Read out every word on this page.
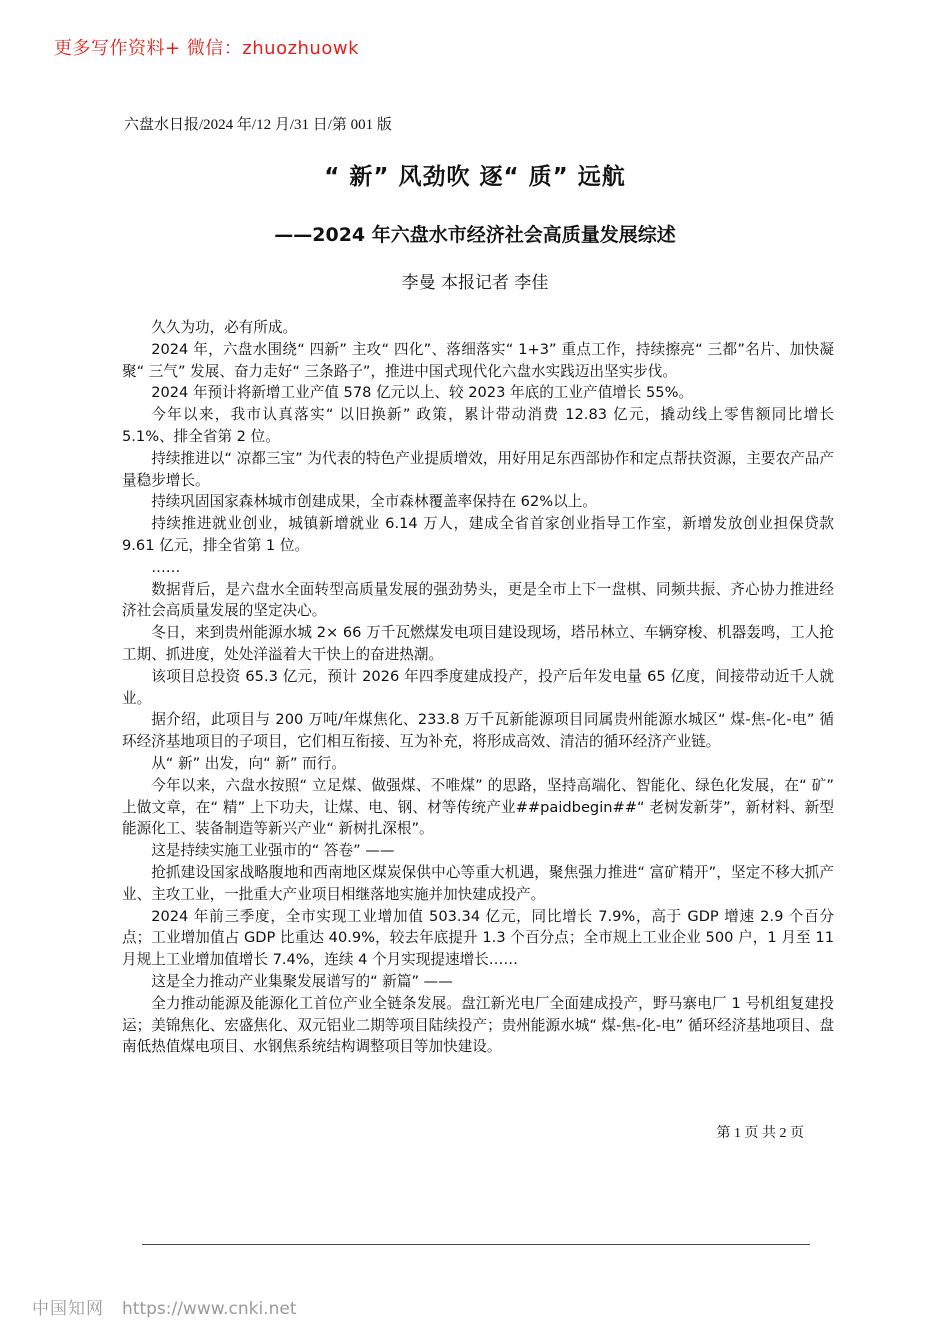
更多写作资料+ 微信：zhuozhuowk
六盘水日报/2024 年/12 月/31 日/第 001 版
“ 新” 风劲吹 逐“ 质” 远航
——2024 年六盘水市经济社会高质量发展综述
李曼 本报记者 李佳

久久为功，必有所成。

2024 年，六盘水围绕“ 四新” 主攻“ 四化”、落细落实“ 1+3” 重点工作，持续擦亮“ 三都”名片、加快凝聚“ 三气” 发展、奋力走好“ 三条路子”，推进中国式现代化六盘水实践迈出坚实步伐。

2024 年预计将新增工业产值 578 亿元以上、较 2023 年底的工业产值增长 55%。

今年以来，我市认真落实“ 以旧换新” 政策，累计带动消费 12.83 亿元，撬动线上零售额同比增长 5.1%、排全省第 2 位。

持续推进以“ 凉都三宝” 为代表的特色产业提质增效，用好用足东西部协作和定点帮扶资源，主要农产品产量稳步增长。

持续巩固国家森林城市创建成果，全市森林覆盖率保持在 62%以上。

持续推进就业创业，城镇新增就业 6.14 万人，建成全省首家创业指导工作室，新增发放创业担保贷款 9.61 亿元，排全省第 1 位。

……

数据背后，是六盘水全面转型高质量发展的强劲势头，更是全市上下一盘棋、同频共振、齐心协力推进经济社会高质量发展的坚定决心。

冬日，来到贵州能源水城 2× 66 万千瓦燃煤发电项目建设现场，塔吊林立、车辆穿梭、机器轰鸣，工人抢工期、抓进度，处处洋溢着大干快上的奋进热潮。

该项目总投资 65.3 亿元，预计 2026 年四季度建成投产，投产后年发电量 65 亿度，间接带动近千人就业。

据介绍，此项目与 200 万吨/年煤焦化、233.8 万千瓦新能源项目同属贵州能源水城区“ 煤-焦-化-电” 循环经济基地项目的子项目，它们相互衔接、互为补充，将形成高效、清洁的循环经济产业链。

从“ 新” 出发，向“ 新” 而行。

今年以来，六盘水按照“ 立足煤、做强煤、不唯煤” 的思路，坚持高端化、智能化、绿色化发展，在“ 矿” 上做文章，在“ 精” 上下功夫，让煤、电、钢、材等传统产业##paidbegin##“ 老树发新芽”，新材料、新型能源化工、装备制造等新兴产业“ 新树扎深根”。

这是持续实施工业强市的“ 答卷” ——

抢抓建设国家战略腹地和西南地区煤炭保供中心等重大机遇，聚焦强力推进“ 富矿精开”，坚定不移大抓产业、主攻工业，一批重大产业项目相继落地实施并加快建成投产。

2024 年前三季度，全市实现工业增加值 503.34 亿元，同比增长 7.9%，高于 GDP 增速 2.9 个百分点；工业增加值占 GDP 比重达 40.9%，较去年底提升 1.3 个百分点；全市规上工业企业 500 户，1 月至 11 月规上工业增加值增长 7.4%，连续 4 个月实现提速增长……

这是全力推动产业集聚发展谱写的“ 新篇” ——

全力推动能源及能源化工首位产业全链条发展。盘江新光电厂全面建成投产，野马寨电厂 1 号机组复建投运；美锦焦化、宏盛焦化、双元铝业二期等项目陆续投产；贵州能源水城“ 煤-焦-化-电” 循环经济基地项目、盘南低热值煤电项目、水钢焦系统结构调整项目等加快建设。

第 1 页 共 2 页
中国知网 https://www.cnki.net
